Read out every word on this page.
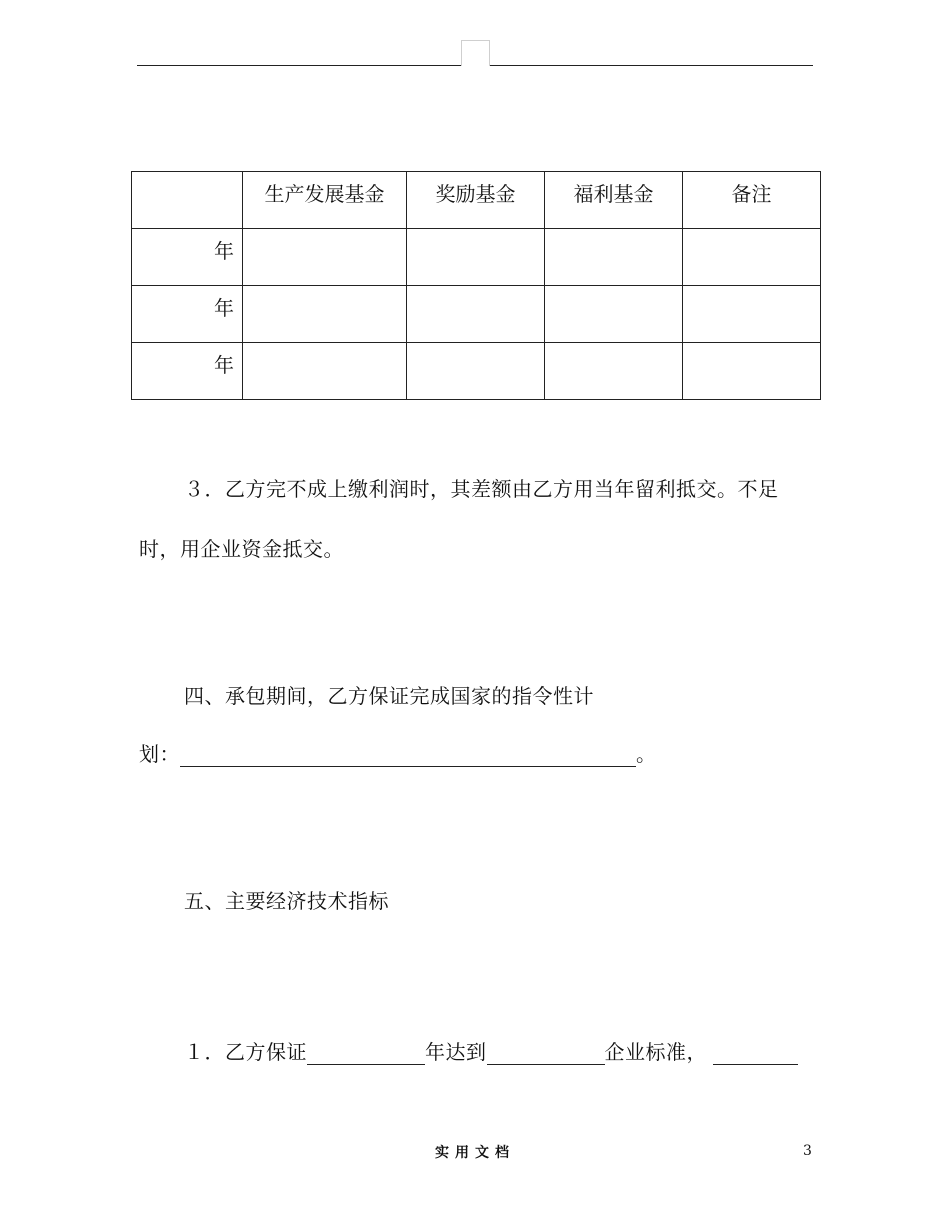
	生产发展基金	奖励基金	福利基金	备注

年				

年				

年				

３．乙方完不成上缴利润时，其差额由乙方用当年留利抵交。不足
时，用企业资金抵交。
四、承包期间，乙方保证完成国家的指令性计
划：	。
五、主要经济技术指标
１．乙方保证	年达到	企业标准，
实用文档	3
